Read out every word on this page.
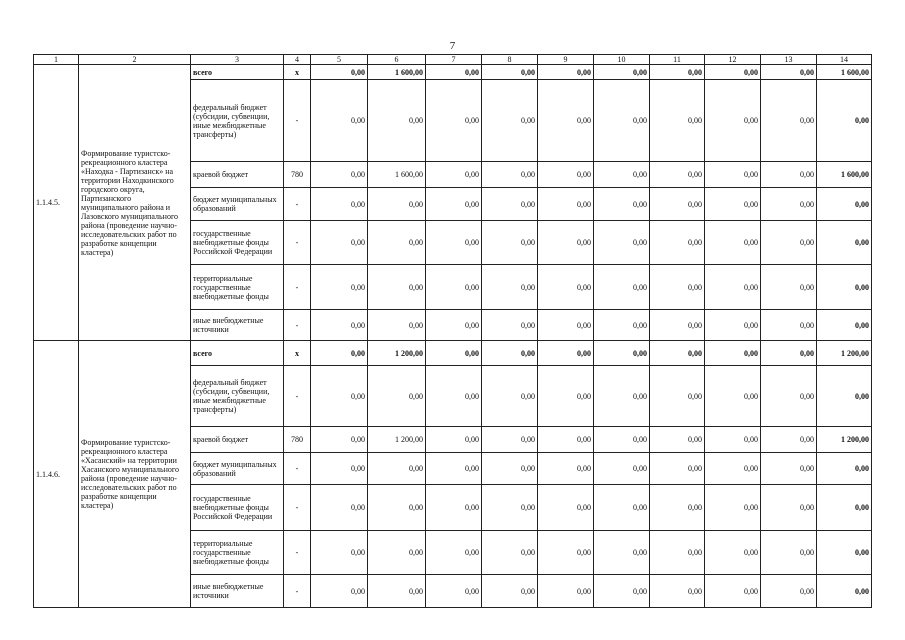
7
1	2	3	4	5	6	7	8	9	10	11	12	13	14
1.1.4.5.	Формирование туристско-рекреационного кластера «Находка - Партизанск» на территории Находкинского городского округа, Партизанского муниципального района и Лазовского муниципального района (проведение научно-исследовательских работ по разработке концепции кластера)	всего	x	0,00	1 600,00	0,00	0,00	0,00	0,00	0,00	0,00	0,00	1 600,00
		федеральный бюджет (субсидии, субвенции, иные межбюджетные трансферты)	-	0,00	0,00	0,00	0,00	0,00	0,00	0,00	0,00	0,00	0,00
		краевой бюджет	780	0,00	1 600,00	0,00	0,00	0,00	0,00	0,00	0,00	0,00	1 600,00
		бюджет муниципальных образований	-	0,00	0,00	0,00	0,00	0,00	0,00	0,00	0,00	0,00	0,00
		государственные внебюджетные фонды Российской Федерации	-	0,00	0,00	0,00	0,00	0,00	0,00	0,00	0,00	0,00	0,00
		территориальные государственные внебюджетные фонды	-	0,00	0,00	0,00	0,00	0,00	0,00	0,00	0,00	0,00	0,00
		иные внебюджетные источники	-	0,00	0,00	0,00	0,00	0,00	0,00	0,00	0,00	0,00	0,00
1.1.4.6.	Формирование туристско-рекреационного кластера «Хасанский» на территории Хасанского муниципального района (проведение научно-исследовательских работ по разработке концепции кластера)	всего	x	0,00	1 200,00	0,00	0,00	0,00	0,00	0,00	0,00	0,00	1 200,00
		федеральный бюджет (субсидии, субвенции, иные межбюджетные трансферты)	-	0,00	0,00	0,00	0,00	0,00	0,00	0,00	0,00	0,00	0,00
		краевой бюджет	780	0,00	1 200,00	0,00	0,00	0,00	0,00	0,00	0,00	0,00	1 200,00
		бюджет муниципальных образований	-	0,00	0,00	0,00	0,00	0,00	0,00	0,00	0,00	0,00	0,00
		государственные внебюджетные фонды Российской Федерации	-	0,00	0,00	0,00	0,00	0,00	0,00	0,00	0,00	0,00	0,00
		территориальные государственные внебюджетные фонды	-	0,00	0,00	0,00	0,00	0,00	0,00	0,00	0,00	0,00	0,00
		иные внебюджетные источники	-	0,00	0,00	0,00	0,00	0,00	0,00	0,00	0,00	0,00	0,00
